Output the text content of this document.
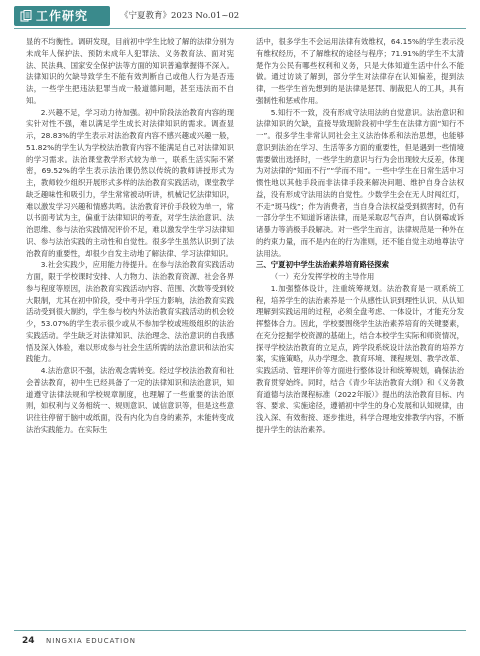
工作研究	《宁夏教育》2023 No.01~02

显的不均衡性。调研发现，目前初中学生比较了解的法律分别为未成年人保护法、预防未成年人犯罪法、义务教育法、面对宪法、民法典、国家安全保护法等方面的知识普遍掌握得不深入。法律知识的欠缺导致学生不能有效判断自己或他人行为是否违法，一些学生把违法犯罪当成一般道德问题，甚至违法而不自知。

2.兴趣不足，学习动力待加强。初中阶段法治教育内容的现实针对性不强，难以满足学生成长对法律知识的需求。调查显示，28.83%的学生表示对法治教育内容不感兴趣或兴趣一般，51.82%的学生认为学校法治教育内容不能满足自己对法律知识的学习需求。法治课堂教学形式较为单一，联系生活实际不紧密，69.52%的学生表示法治课仍然以传统的教师讲授形式为主，教师较少组织开展形式多样的法治教育实践活动，课堂教学缺乏趣味性和吸引力，学生常常被动听讲，机械记忆法律知识，难以激发学习兴趣和情感共鸣。法治教育评价手段较为单一，常以书面考试为主，偏重于法律知识的考查，对学生法治意识、法治思维、参与法治实践情况评价不足，难以激发学生学习法律知识、参与法治实践的主动性和自觉性。很多学生虽然认识到了法治教育的重要性，却很少自发主动地了解法律、学习法律知识。

3.社会实践少，应用能力待提升。在参与法治教育实践活动方面，限于学校课时安排、人力物力、法治教育资源、社会各界参与程度等原因，法治教育实践活动内容、范围、次数等受到较大限制，尤其在初中阶段，受中考升学压力影响，法治教育实践活动受到很大制约，学生参与校内外法治教育实践活动的机会较少，53.07%的学生表示很少或从不参加学校或班级组织的法治实践活动。学生缺乏对法律知识、法治理念、法治意识的自我感悟及深入体验，难以形成参与社会生活所需的法治意识和法治实践能力。

4.法治意识不强，法治观念需转变。经过学校法治教育和社会普法教育，初中生已经具备了一定的法律知识和法治意识，知道遵守法律法规和学校规章制度，也理解了一些重要的法治原则，如权利与义务相统一、规则意识、诚信意识等，但是这些意识往往停留于脑中或纸面，没有内化为自身的素养，未能转变成法治实践能力。在实际生

活中，很多学生不会运用法律有效维权，64.15%的学生表示没有维权经历，不了解维权的途径与程序；71.91%的学生不太清楚作为公民有哪些权利和义务，只是大体知道生活中什么不能做。通过访谈了解到，部分学生对法律存在认知偏差，提到法律，一些学生首先想到的是法律是惩罚、制裁犯人的工具，具有强制性和惩戒作用。

5.知行不一致，没有形成守法用法的自觉意识。法治意识和法律知识的欠缺，直接导致现阶段初中学生在法律方面“知行不一”。很多学生非常认同社会主义法治体系和法治思想，也能够意识到法治在学习、生活等多方面的重要性，但是遇到一些情境需要做出选择时，一些学生的意识与行为会出现较大反差，体现为对法律的“知而不行”“学而不用”。一些中学生在日常生活中习惯性地以其他手段而非法律手段来解决问题、维护自身合法权益，没有形成守法用法的自觉性。少数学生会在无人时闯红灯，不走“斑马线”；作为消费者，当自身合法权益受到损害时，仍有一部分学生不知道诉诸法律，而是采取忍气吞声，自认倒霉或诉诸暴力等消极手段解决。对一些学生而言，法律规范是一种外在的约束力量，而不是内在的行为准则，还不能自觉主动地尊法守法用法。

三、宁夏初中学生法治素养培育路径探索

（一）充分发挥学校的主导作用

1.加强整体设计，注重统筹规划。法治教育是一项系统工程，培养学生的法治素养是一个从感性认识到理性认识、从认知理解到实践运用的过程，必须全盘考虑、一体设计，才能充分发挥整体合力。因此，学校要围绕学生法治素养培育的关键要素，在充分挖掘学校资源的基础上，结合本校学生实际和师资情况，探寻学校法治教育的立足点，跨学段系统设计法治教育的培养方案，实施策略，从办学理念、教育环境、课程规划、教学改革、实践活动、管理评价等方面进行整体设计和统筹规划，确保法治教育贯穿始终。同时，结合《青少年法治教育大纲》和《义务教育道德与法治课程标准（2022年版）》提出的法治教育目标、内容、要求、实施途径，遵循初中学生的身心发展和认知规律，由浅入深、有效衔接、逐步推进，科学合理地安排教学内容，不断提升学生的法治素养。

24 NINGXIA EDUCATION
